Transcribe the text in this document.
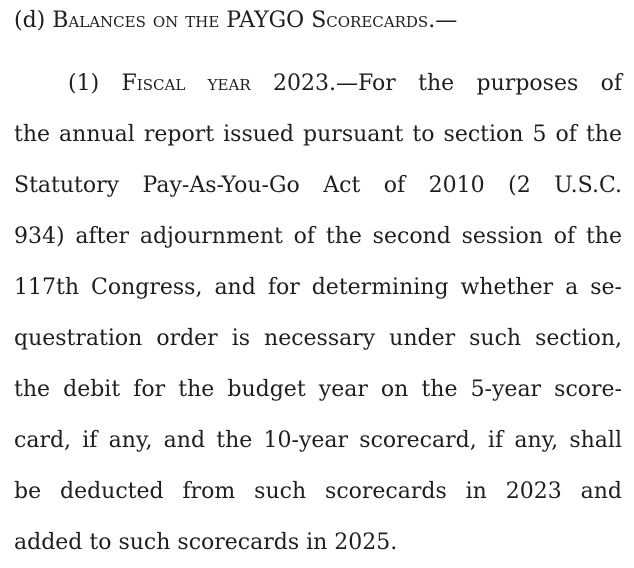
(d) Balances on the PAYGO Scorecards.—
(1) Fiscal year 2023.—For the purposes of
the annual report issued pursuant to section 5 of the
Statutory Pay-As-You-Go Act of 2010 (2 U.S.C.
934) after adjournment of the second session of the
117th Congress, and for determining whether a se-
questration order is necessary under such section,
the debit for the budget year on the 5-year score-
card, if any, and the 10-year scorecard, if any, shall
be deducted from such scorecards in 2023 and
added to such scorecards in 2025.
